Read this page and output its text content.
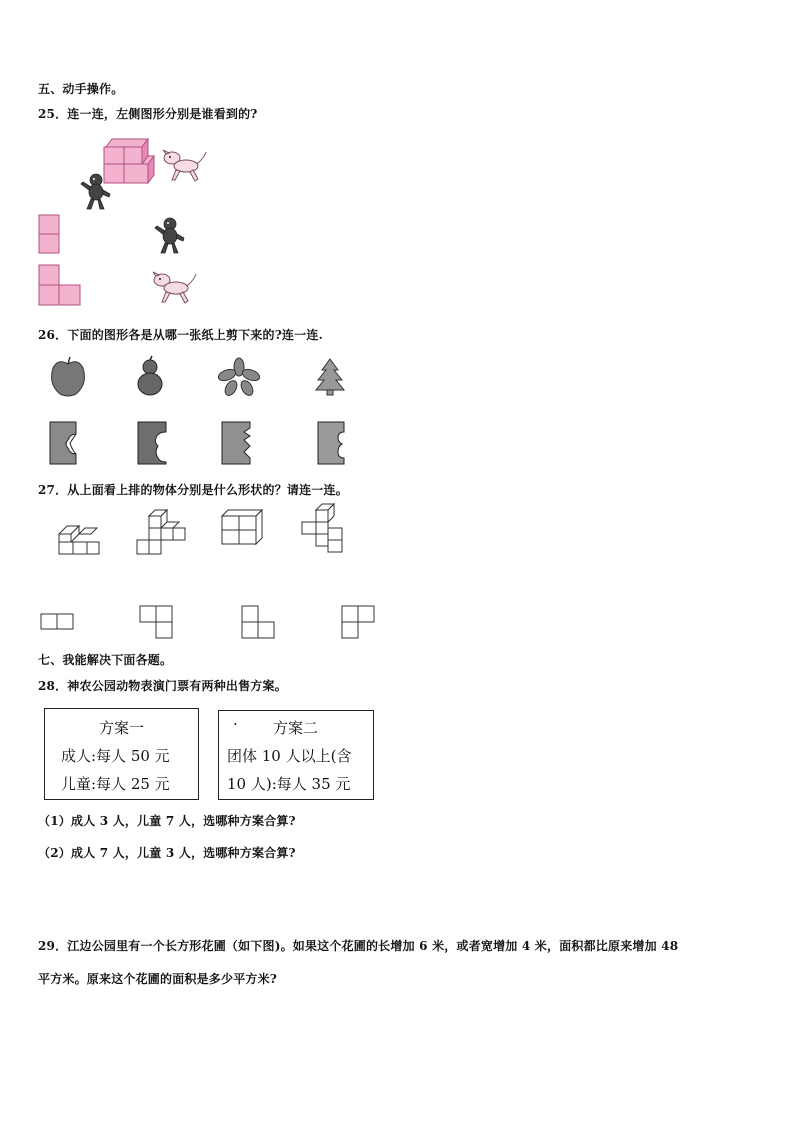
五、动手操作。
25．连一连，左侧图形分别是谁看到的?
26．下面的图形各是从哪一张纸上剪下来的?连一连.
27．从上面看上排的物体分别是什么形状的？请连一连。
七、我能解决下面各题。
28．神农公园动物表演门票有两种出售方案。
方案一
成人:每人 50 元
儿童:每人 25 元
· 方案二
团体 10 人以上(含
10 人):每人 35 元
（1）成人 3 人，儿童 7 人，选哪种方案合算?
（2）成人 7 人，儿童 3 人，选哪种方案合算?
29．江边公园里有一个长方形花圃（如下图)。如果这个花圃的长增加 6 米，或者宽增加 4 米，面积都比原来增加 48
平方米。原来这个花圃的面积是多少平方米?
